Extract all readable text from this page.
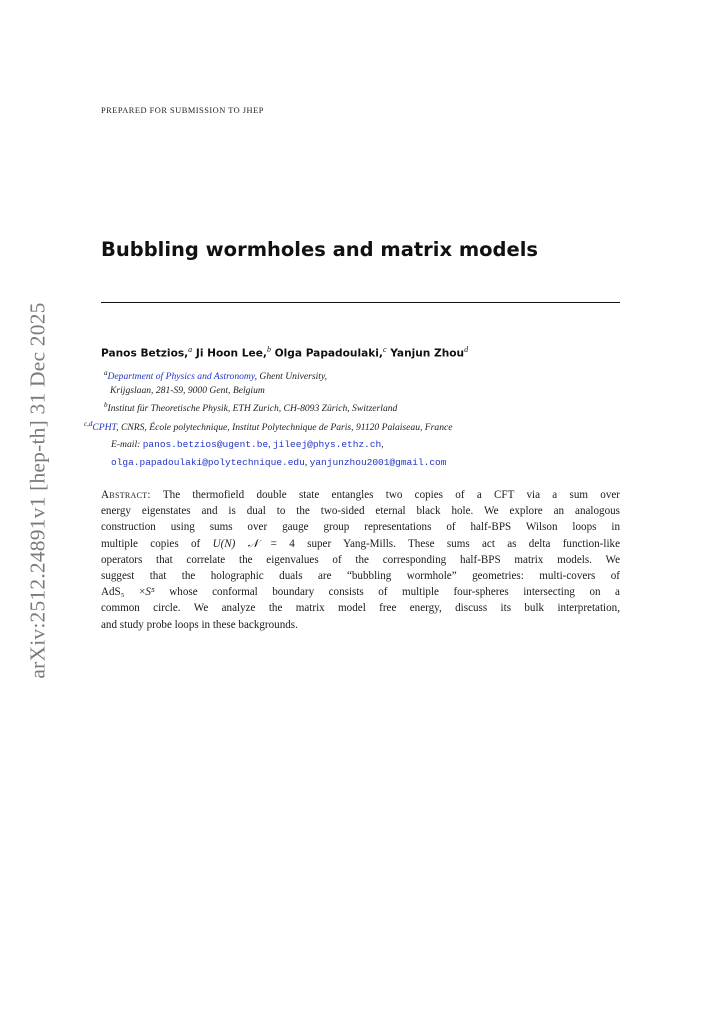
arXiv:2512.24891v1 [hep-th] 31 Dec 2025
PREPARED FOR SUBMISSION TO JHEP
Bubbling wormholes and matrix models
Panos Betzios,$^a$ Ji Hoon Lee,$^b$ Olga Papadoulaki,$^c$ Yanjun Zhou$^d$
$^a$Department of Physics and Astronomy, Ghent University,
Krijgslaan, 281-S9, 9000 Gent, Belgium
$^b$Institut für Theoretische Physik, ETH Zurich, CH-8093 Zürich, Switzerland
$^{c,d}$CPHT, CNRS, École polytechnique, Institut Polytechnique de Paris, 91120 Palaiseau, France
E-mail: panos.betzios@ugent.be, jileej@phys.ethz.ch,
olga.papadoulaki@polytechnique.edu, yanjunzhou2001@gmail.com
Abstract: The thermofield double state entangles two copies of a CFT via a sum over
energy eigenstates and is dual to the two-sided eternal black hole. We explore an analogous
construction using sums over gauge group representations of half-BPS Wilson loops in
multiple copies of U(N) 𝒩 = 4 super Yang-Mills. These sums act as delta function-like
operators that correlate the eigenvalues of the corresponding half-BPS matrix models. We
suggest that the holographic duals are “bubbling wormhole” geometries: multi-covers of
AdS₅ ×S⁵ whose conformal boundary consists of multiple four-spheres intersecting on a
common circle. We analyze the matrix model free energy, discuss its bulk interpretation,
and study probe loops in these backgrounds.
